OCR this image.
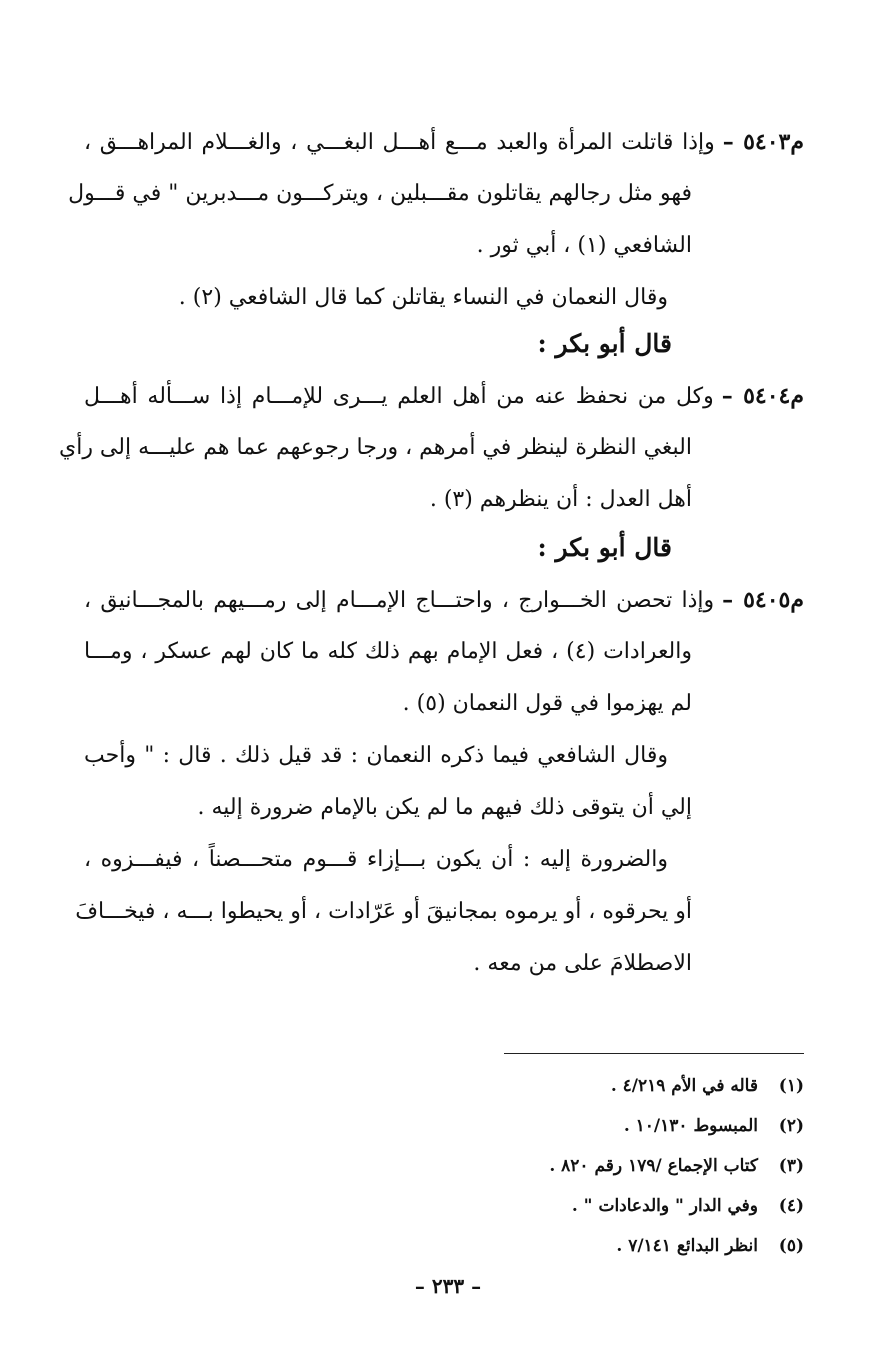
م٥٤٠٣ –وإذا قاتلت المرأة والعبد مـــع أهـــل البغـــي ، والغـــلام المراهـــق ،
فهو مثل رجالهم يقاتلون مقـــبلين ، ويتركـــون مـــدبرين " في قـــول
الشافعي (١) ، أبي ثور .
وقال النعمان في النساء يقاتلن كما قال الشافعي (٢) .
قال أبو بكر :
م٥٤٠٤ –وكل من نحفظ عنه من أهل العلم يـــرى للإمـــام إذا ســـأله أهـــل
البغي النظرة لينظر في أمرهم ، ورجا رجوعهم عما هم عليـــه إلى رأي
أهل العدل : أن ينظرهم (٣) .
قال أبو بكر :
م٥٤٠٥ –وإذا تحصن الخـــوارج ، واحتـــاج الإمـــام إلى رمـــيهم بالمجـــانيق ،
والعرادات (٤) ، فعل الإمام بهم ذلك كله ما كان لهم عسكر ، ومـــا
لم يهزموا في قول النعمان (٥) .
وقال الشافعي فيما ذكره النعمان : قد قيل ذلك . قال : " وأحب
إلي أن يتوقى ذلك فيهم ما لم يكن بالإمام ضرورة إليه .
والضرورة إليه : أن يكون بـــإزاء قـــوم متحـــصناً ، فيفـــزوه ،
أو يحرقوه ، أو يرموه بمجانيقَ أو عَرّادات ، أو يحيطوا بـــه ، فيخـــافَ
الاصطلامَ على من معه .
(١)قاله في الأم ٤/٢١٩ .
(٢)المبسوط ١٠/١٣٠ .
(٣)كتاب الإجماع /١٧٩ رقم ٨٢٠ .
(٤)وفي الدار " والدعادات " .
(٥)انظر البدائع ٧/١٤١ .
– ٢٣٣ –
